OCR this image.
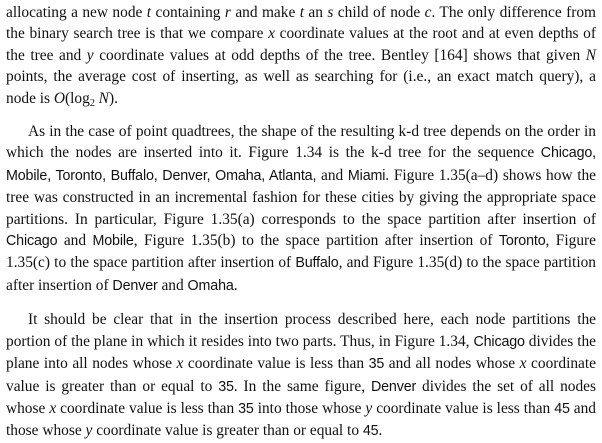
allocating a new node t containing r and make t an s child of node c. The only difference from the binary search tree is that we compare x coordinate values at the root and at even depths of the tree and y coordinate values at odd depths of the tree. Bentley [164] shows that given N points, the average cost of inserting, as well as searching for (i.e., an exact match query), a node is $O(\log_2$ N).

As in the case of point quadtrees, the shape of the resulting k-d tree depends on the order in which the nodes are inserted into it. Figure 1.34 is the k-d tree for the sequence Chicago, Mobile, Toronto, Buffalo, Denver, Omaha, Atlanta, and Miami. Figure 1.35(a–d) shows how the tree was constructed in an incremental fashion for these cities by giving the appropriate space partitions. In particular, Figure 1.35(a) corresponds to the space partition after insertion of Chicago and Mobile, Figure 1.35(b) to the space partition after insertion of Toronto, Figure 1.35(c) to the space partition after insertion of Buffalo, and Figure 1.35(d) to the space partition after insertion of Denver and Omaha.

It should be clear that in the insertion process described here, each node partitions the portion of the plane in which it resides into two parts. Thus, in Figure 1.34, Chicago divides the plane into all nodes whose x coordinate value is less than 35 and all nodes whose x coordinate value is greater than or equal to 35. In the same figure, Denver divides the set of all nodes whose x coordinate value is less than 35 into those whose y coordinate value is less than 45 and those whose y coordinate value is greater than or equal to 45.
